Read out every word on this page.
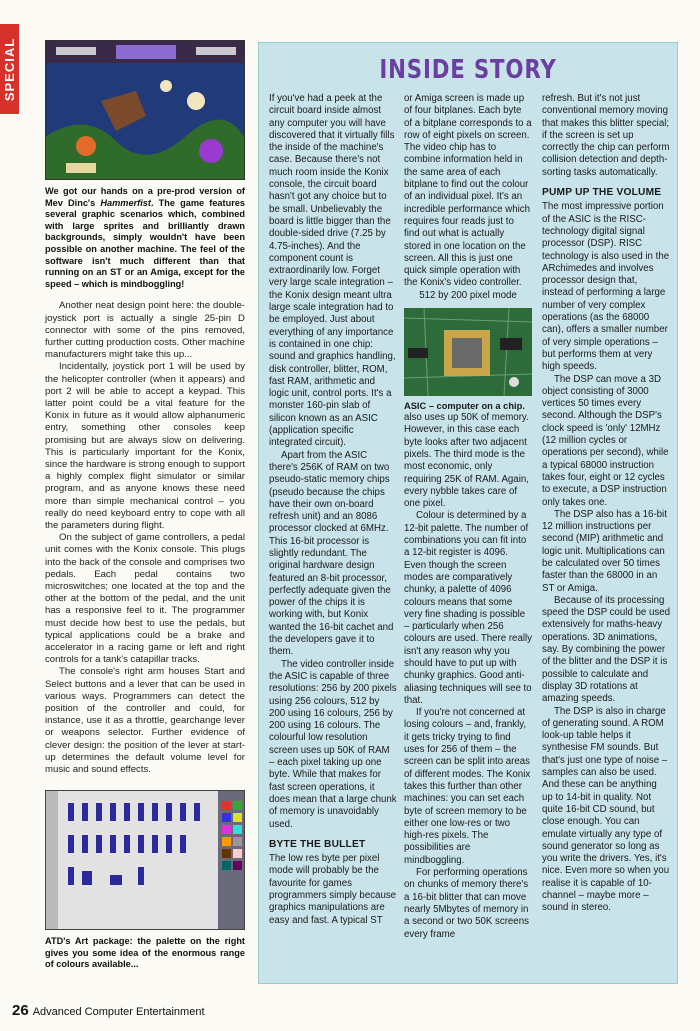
SPECIAL
We got our hands on a pre-prod version of Mev Dinc's Hammerfist. The game features several graphic scenarios which, combined with large sprites and brilliantly drawn backgrounds, simply wouldn't have been possible on another machine. The feel of the software isn't much different than that running on an ST or an Amiga, except for the speed – which is mindboggling!

Another neat design point here: the double-joystick port is actually a single 25-pin D connector with some of the pins removed, further cutting production costs. Other machine manufacturers might take this up...

Incidentally, joystick port 1 will be used by the helicopter controller (when it appears) and port 2 will be able to accept a keypad. This latter point could be a vital feature for the Konix in future as it would allow alphanumeric entry, something other consoles keep promising but are always slow on delivering. This is particularly important for the Konix, since the hardware is strong enough to support a highly complex flight simulator or similar program, and as anyone knows these need more than simple mechanical control – you really do need keyboard entry to cope with all the parameters during flight.

On the subject of game controllers, a pedal unit comes with the Konix console. This plugs into the back of the console and comprises two pedals. Each pedal contains two microswitches; one located at the top and the other at the bottom of the pedal, and the unit has a responsive feel to it. The programmer must decide how best to use the pedals, but typical applications could be a brake and accelerator in a racing game or left and right controls for a tank's catapillar tracks.

The console's right arm houses Start and Select buttons and a lever that can be used in various ways. Programmers can detect the position of the controller and could, for instance, use it as a throttle, gearchange lever or weapons selector. Further evidence of clever design: the position of the lever at start-up determines the default volume level for music and sound effects.

ATD's Art package: the palette on the right gives you some idea of the enormous range of colours available...
INSIDE STORY

If you've had a peek at the circuit board inside almost any computer you will have discovered that it virtually fills the inside of the machine's case. Because there's not much room inside the Konix console, the circuit board hasn't got any choice but to be small. Unbelievably the board is little bigger than the double-sided drive (7.25 by 4.75-inches). And the component count is extraordinarily low. Forget very large scale integration – the Konix design meant ultra large scale integration had to be employed. Just about everything of any importance is contained in one chip: sound and graphics handling, disk controller, blitter, ROM, fast RAM, arithmetic and logic unit, control ports. It's a monster 160-pin slab of silicon known as an ASIC (application specific integrated circuit).

Apart from the ASIC there's 256K of RAM on two pseudo-static memory chips (pseudo because the chips have their own on-board refresh unit) and an 8086 processor clocked at 6MHz. This 16-bit processor is slightly redundant. The original hardware design featured an 8-bit processor, perfectly adequate given the power of the chips it is working with, but Konix wanted the 16-bit cachet and the developers gave it to them.

The video controller inside the ASIC is capable of three resolutions: 256 by 200 pixels using 256 colours, 512 by 200 using 16 colours, 256 by 200 using 16 colours. The colourful low resolution screen uses up 50K of RAM – each pixel taking up one byte. While that makes for fast screen operations, it does mean that a large chunk of memory is unavoidably used.

BYTE THE BULLET

The low res byte per pixel mode will probably be the favourite for games programmers simply because graphics manipulations are easy and fast. A typical ST

or Amiga screen is made up of four bitplanes. Each byte of a bitplane corresponds to a row of eight pixels on screen. The video chip has to combine information held in the same area of each bitplane to find out the colour of an individual pixel. It's an incredible performance which requires four reads just to find out what is actually stored in one location on the screen. All this is just one quick simple operation with the Konix's video controller.

512 by 200 pixel mode

ASIC – computer on a chip.

also uses up 50K of memory. However, in this case each byte looks after two adjacent pixels. The third mode is the most economic, only requiring 25K of RAM. Again, every nybble takes care of one pixel.

Colour is determined by a 12-bit palette. The number of combinations you can fit into a 12-bit register is 4096. Even though the screen modes are comparatively chunky, a palette of 4096 colours means that some very fine shading is possible – particularly when 256 colours are used. There really isn't any reason why you should have to put up with chunky graphics. Good anti-aliasing techniques will see to that.

If you're not concerned at losing colours – and, frankly, it gets tricky trying to find uses for 256 of them – the screen can be split into areas of different modes. The Konix takes this further than other machines: you can set each byte of screen memory to be either one low-res or two high-res pixels. The possibilities are mindboggling.

For performing operations on chunks of memory there's a 16-bit blitter that can move nearly 5Mbytes of memory in a second or two 50K screens every frame

refresh. But it's not just conventional memory moving that makes this blitter special; if the screen is set up correctly the chip can perform collision detection and depth-sorting tasks automatically.

PUMP UP THE VOLUME

The most impressive portion of the ASIC is the RISC-technology digital signal processor (DSP). RISC technology is also used in the ARchimedes and involves processor design that, instead of performing a large number of very complex operations (as the 68000 can), offers a smaller number of very simple operations – but performs them at very high speeds.

The DSP can move a 3D object consisting of 3000 vertices 50 times every second. Although the DSP's clock speed is 'only' 12MHz (12 million cycles or operations per second), while a typical 68000 instruction takes four, eight or 12 cycles to execute, a DSP instruction only takes one.

The DSP also has a 16-bit 12 million instructions per second (MIP) arithmetic and logic unit. Multiplications can be calculated over 50 times faster than the 68000 in an ST or Amiga.

Because of its processing speed the DSP could be used extensively for maths-heavy operations. 3D animations, say. By combining the power of the blitter and the DSP it is possible to calculate and display 3D rotations at amazing speeds.

The DSP is also in charge of generating sound. A ROM look-up table helps it synthesise FM sounds. But that's just one type of noise – samples can also be used. And these can be anything up to 14-bit in quality. Not quite 16-bit CD sound, but close enough. You can emulate virtually any type of sound generator so long as you write the drivers. Yes, it's nice. Even more so when you realise it is capable of 10-channel – maybe more – sound in stereo.

26 Advanced Computer Entertainment
